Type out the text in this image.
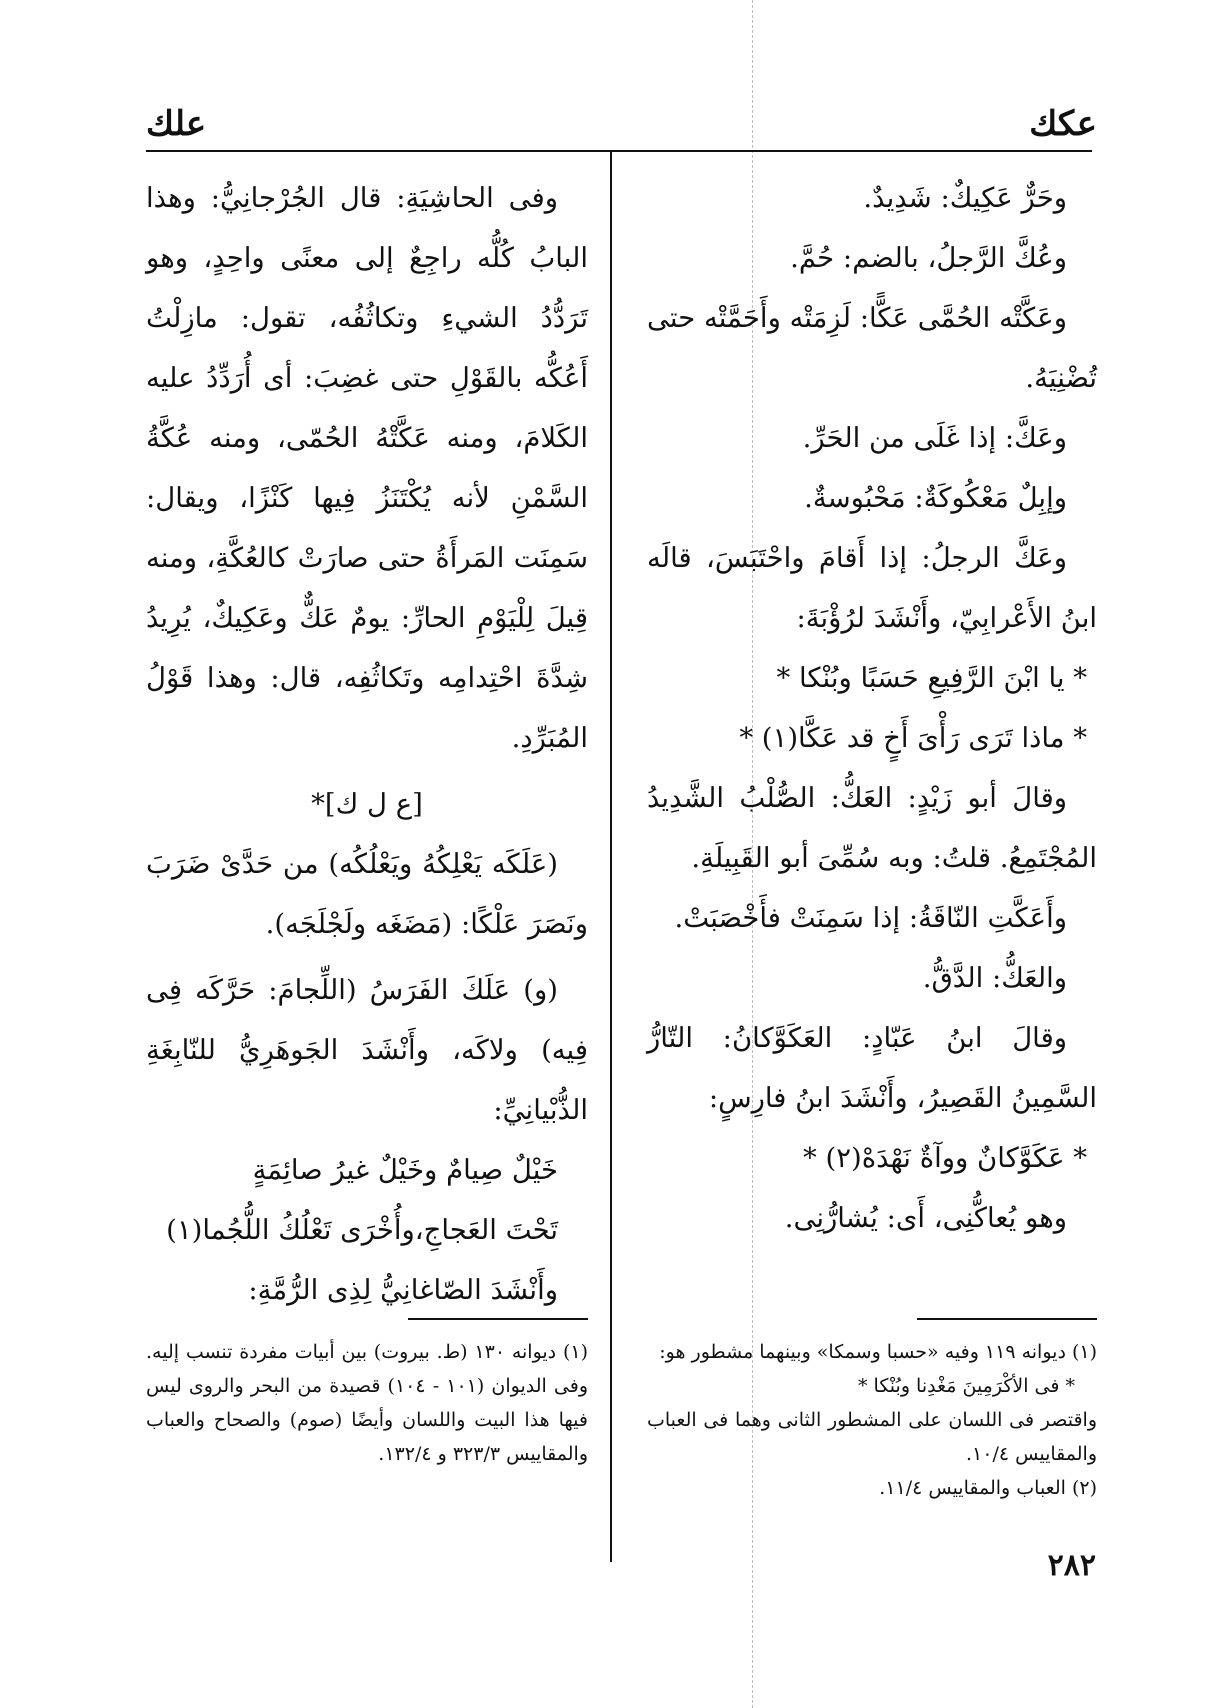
عكك
علك

وحَرٌّ عَكِيكٌ: شَدِيدٌ.

وعُكَّ الرَّجلُ، بالضم: حُمَّ.

وعَكَّتْه الحُمَّى عَكًّا: لَزِمَتْه وأَحَمَّتْه حتى تُضْنِيَهُ.

وعَكَّ: إذا غَلَى من الحَرِّ.

وإبِلٌ مَعْكُوكَةٌ: مَحْبُوسةٌ.

وعَكَّ الرجلُ: إذا أَقامَ واحْتَبَسَ، قالَه ابنُ الأَعْرابِيّ، وأَنْشَدَ لرُؤْبَةَ:

* يا ابْنَ الرَّفِيعِ حَسَبًا وبُنْكا *

* ماذا تَرَى رَأْىَ أَخٍ قد عَكَّا(١) *

وقالَ أبو زَيْدٍ: العَكُّ: الصُّلْبُ الشَّدِيدُ المُجْتَمِعُ. قلتُ: وبه سُمِّىَ أبو القَبِيلَةِ.

وأَعَكَّتِ النّاقَةُ: إذا سَمِنَتْ فأَخْصَبَتْ.

والعَكُّ: الدَّقُّ.

وقالَ ابنُ عَبّادٍ: العَكَوَّكانُ: التّارُّ السَّمِينُ القَصِيرُ، وأَنْشَدَ ابنُ فارِسٍ:

* عَكَوَّكانٌ ووآةٌ نَهْدَهْ(٢) *

وهو يُعاكُّنِى، أَى: يُشارُّنِى.

وفى الحاشِيَةِ: قال الجُرْجانِيُّ: وهذا البابُ كُلُّه راجِعٌ إلى معنًى واحِدٍ، وهو تَرَدُّدُ الشيءِ وتكاثُفُه، تقول: مازِلْتُ أَعُكُّه بالقَوْلِ حتى غضِبَ: أى أُرَدِّدُ عليه الكَلامَ، ومنه عَكَّتْهُ الحُمّى، ومنه عُكَّةُ السَّمْنِ لأنه يُكْتَنَزُ فِيها كَنْزًا، ويقال: سَمِنَت المَرأَةُ حتى صارَتْ كالعُكَّةِ، ومنه قِيلَ لِلْيَوْمِ الحارِّ: يومٌ عَكٌّ وعَكِيكٌ، يُرِيدُ شِدَّةَ احْتِدامِه وتَكاثُفِه، قال: وهذا قَوْلُ المُبَرِّدِ.

[ع ل ك]*

(عَلَكَه يَعْلِكُهُ ويَعْلُكُه) من حَدَّىْ ضَرَبَ ونَصَرَ عَلْكًا: (مَضَغَه ولَجْلَجَه).

(و) عَلَكَ الفَرَسُ (اللِّجامَ: حَرَّكَه فِى فِيه) ولاكَه، وأَنْشَدَ الجَوهَرِيُّ للنّابِغَةِ الذُّبْيانِيِّ:

خَيْلٌ صِيامٌ وخَيْلٌ غيرُ صائِمَةٍ

تَحْتَ العَجاجِ،وأُخْرَى تَعْلُكُ اللُّجُما(١)

وأَنْشَدَ الصّاغانِيُّ لِذِى الرُّمَّةِ:

(١) ديوانه ١١٩ وفيه «حسبا وسمكا» وبينهما مشطور هو:

* فى الأكْرَمِينَ مَغْدِنا وبُنْكا *

واقتصر فى اللسان على المشطور الثانى وهما فى العباب والمقاييس ١٠/٤.

(٢) العباب والمقاييس ١١/٤.

(١) ديوانه ١٣٠ (ط. بيروت) بين أبيات مفردة تنسب إليه. وفى الديوان (١٠١ - ١٠٤) قصيدة من البحر والروى ليس فيها هذا البيت واللسان وأيضًا (صوم) والصحاح والعباب والمقاييس ٣٢٣/٣ و ١٣٢/٤.

٢٨٢
